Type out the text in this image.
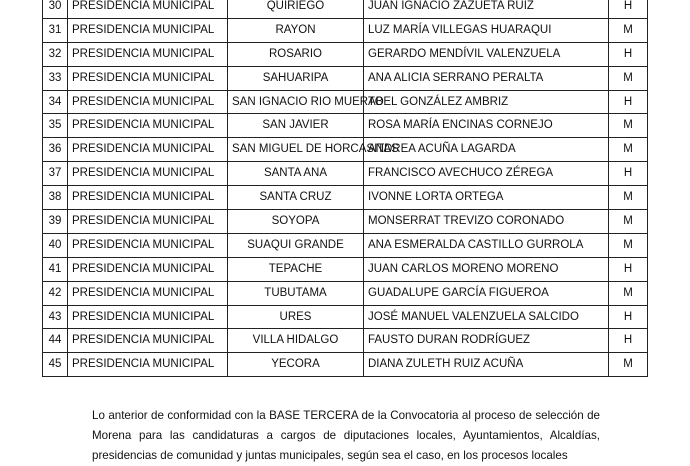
30	PRESIDENCIA MUNICIPAL	QUIRIEGO	JUAN IGNACIO ZAZUETA RUIZ	H
31	PRESIDENCIA MUNICIPAL	RAYON	LUZ MARÍA VILLEGAS HUARAQUI	M
32	PRESIDENCIA MUNICIPAL	ROSARIO	GERARDO MENDÍVIL VALENZUELA	H
33	PRESIDENCIA MUNICIPAL	SAHUARIPA	ANA ALICIA SERRANO PERALTA	M
34	PRESIDENCIA MUNICIPAL	SAN IGNACIO RIO MUERTO	ABEL GONZÁLEZ AMBRIZ	H
35	PRESIDENCIA MUNICIPAL	SAN JAVIER	ROSA MARÍA ENCINAS CORNEJO	M
36	PRESIDENCIA MUNICIPAL	SAN MIGUEL DE HORCASITAS	ANDREA ACUÑA LAGARDA	M
37	PRESIDENCIA MUNICIPAL	SANTA ANA	FRANCISCO AVECHUCO ZÉREGA	H
38	PRESIDENCIA MUNICIPAL	SANTA CRUZ	IVONNE LORTA ORTEGA	M
39	PRESIDENCIA MUNICIPAL	SOYOPA	MONSERRAT TREVIZO CORONADO	M
40	PRESIDENCIA MUNICIPAL	SUAQUI GRANDE	ANA ESMERALDA CASTILLO GURROLA	M
41	PRESIDENCIA MUNICIPAL	TEPACHE	JUAN CARLOS MORENO MORENO	H
42	PRESIDENCIA MUNICIPAL	TUBUTAMA	GUADALUPE GARCÍA FIGUEROA	M
43	PRESIDENCIA MUNICIPAL	URES	JOSÉ MANUEL VALENZUELA SALCIDO	H
44	PRESIDENCIA MUNICIPAL	VILLA HIDALGO	FAUSTO DURAN RODRÍGUEZ	H
45	PRESIDENCIA MUNICIPAL	YECORA	DIANA ZULETH RUIZ ACUÑA	M
Lo anterior de conformidad con la BASE TERCERA de la Convocatoria al proceso de selección de Morena para las candidaturas a cargos de diputaciones locales, Ayuntamientos, Alcaldías, presidencias de comunidad y juntas municipales, según sea el caso, en los procesos locales
